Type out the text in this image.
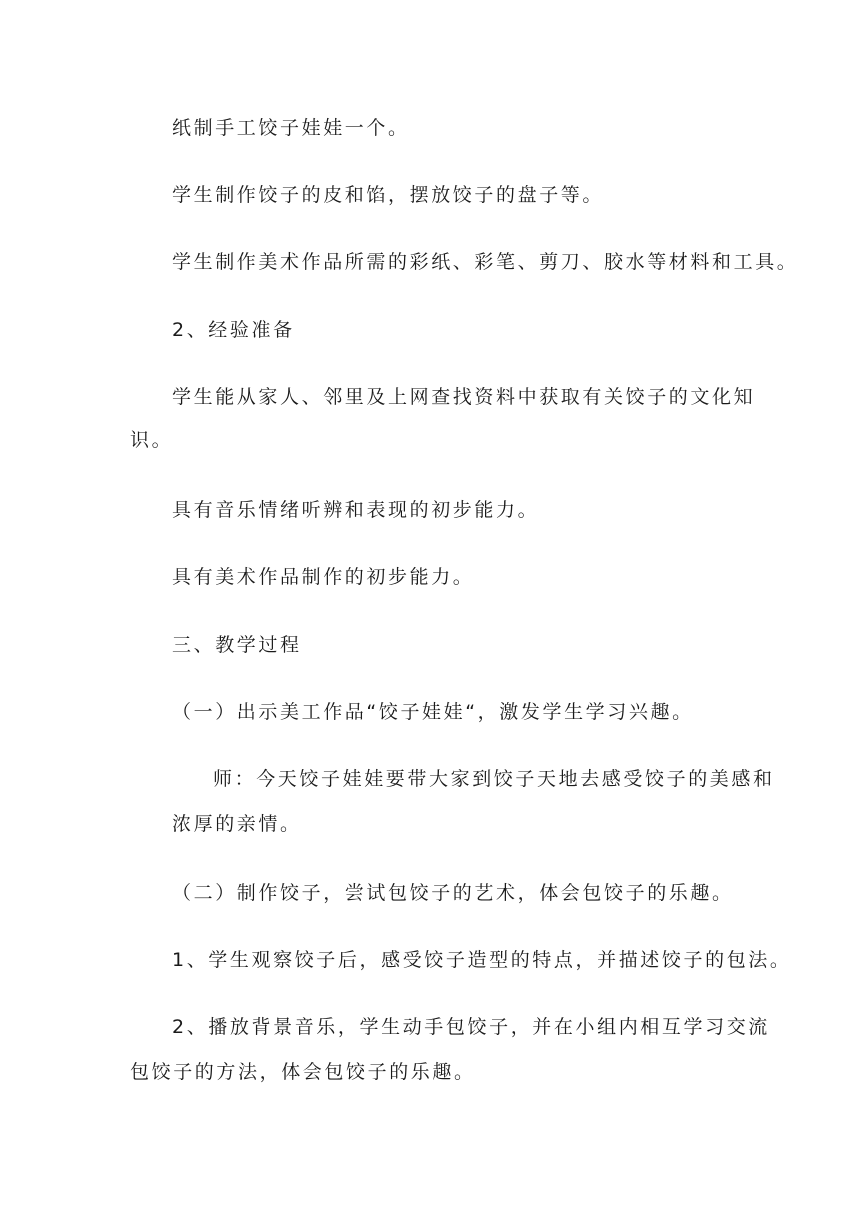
纸制手工饺子娃娃一个。

学生制作饺子的皮和馅，摆放饺子的盘子等。

学生制作美术作品所需的彩纸、彩笔、剪刀、胶水等材料和工具。

2、经验准备

学生能从家人、邻里及上网查找资料中获取有关饺子的文化知

识。

具有音乐情绪听辨和表现的初步能力。

具有美术作品制作的初步能力。

三、教学过程

（一）出示美工作品“饺子娃娃“，激发学生学习兴趣。

师：今天饺子娃娃要带大家到饺子天地去感受饺子的美感和

浓厚的亲情。

（二）制作饺子，尝试包饺子的艺术，体会包饺子的乐趣。

1、学生观察饺子后，感受饺子造型的特点，并描述饺子的包法。

2、播放背景音乐，学生动手包饺子，并在小组内相互学习交流

包饺子的方法，体会包饺子的乐趣。
